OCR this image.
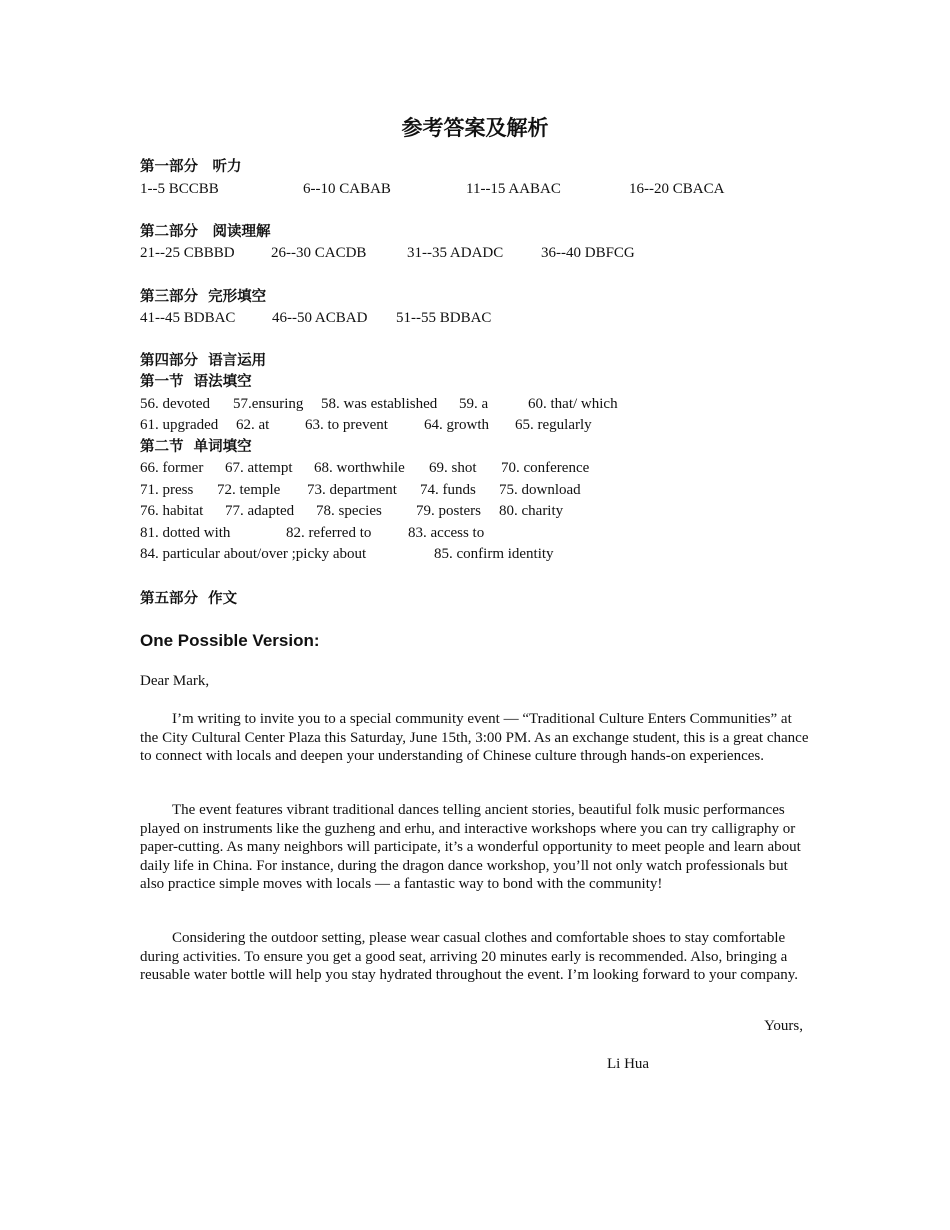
参考答案及解析
第一部分　听力
1--5 BCCBB	6--10 CABAB	11--15 AABAC	16--20 CBACA
第二部分　阅读理解
21--25 CBBBD 26--30 CACDB	31--35 ADADC	36--40 DBFCG
第三部分  完形填空
41--45 BDBAC 46--50 ACBAD 51--55 BDBAC
第四部分  语言运用
第一节  语法填空
56. devoted 57.ensuring 58. was established 59. a	60. that/ which
61. upgraded 62. at 63. to prevent 64. growth 65. regularly
第二节  单词填空
66. former 67. attempt 68. worthwhile 69. shot 70. conference
71. press 72. temple 73. department 74. funds 75. download
76. habitat 77. adapted 78. species 79. posters 80. charity
81. dotted with	82. referred to 83. access to
84. particular about/over ;picky about	85. confirm identity
第五部分  作文
One Possible Version:
Dear Mark,
I’m writing to invite you to a special community event — “Traditional Culture Enters Communities” at the City Cultural Center Plaza this Saturday, June 15th, 3:00 PM. As an exchange student, this is a great chance to connect with locals and deepen your understanding of Chinese culture through hands-on experiences.
The event features vibrant traditional dances telling ancient stories, beautiful folk music performances played on instruments like the guzheng and erhu, and interactive workshops where you can try calligraphy or paper-cutting. As many neighbors will participate, it’s a wonderful opportunity to meet people and learn about daily life in China. For instance, during the dragon dance workshop, you’ll not only watch professionals but also practice simple moves with locals — a fantastic way to bond with the community!
Considering the outdoor setting, please wear casual clothes and comfortable shoes to stay comfortable during activities. To ensure you get a good seat, arriving 20 minutes early is recommended. Also, bringing a reusable water bottle will help you stay hydrated throughout the event. I’m looking forward to your company.
Yours,
Li Hua
